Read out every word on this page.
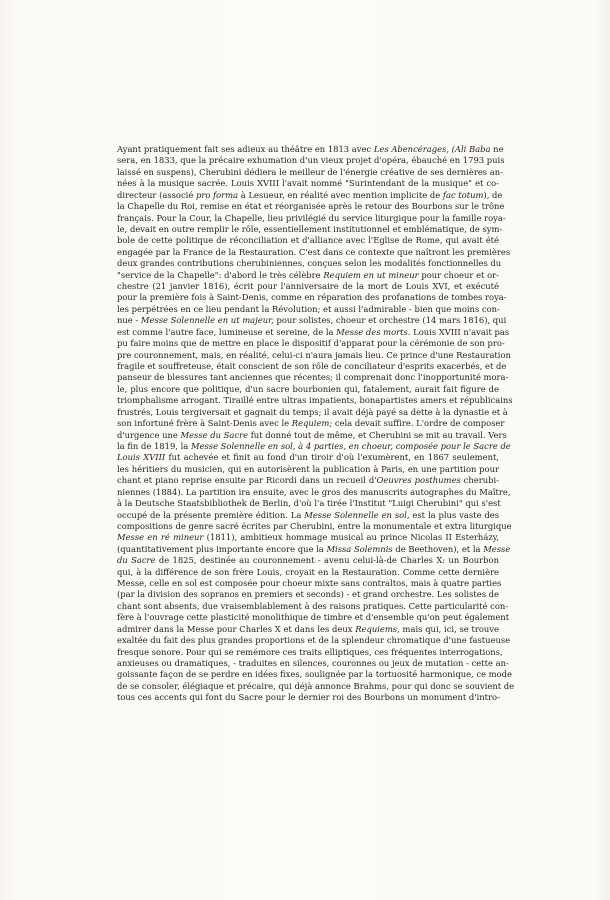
Ayant pratiquement fait ses adieux au théâtre en 1813 avec Les Abencérages, (Ali Baba ne
sera, en 1833, que la précaire exhumation d'un vieux projet d'opéra, ébauché en 1793 puis
laissé en suspens), Cherubini dédiera le meilleur de l'énergie créative de ses dernières an-
nées à la musique sacrée. Louis XVIII l'avait nommé "Surintendant de la musique" et co-
directeur (associé pro forma à Lesueur, en réalité avec mention implicite de fac totum), de
la Chapelle du Roi, remise en état et réorganisée après le retour des Bourbons sur le trône
français. Pour la Cour, la Chapelle, lieu privilégié du service liturgique pour la famille roya-
le, devait en outre remplir le rôle, essentiellement institutionnel et emblématique, de sym-
bole de cette politique de réconciliation et d'alliance avec l'Eglise de Rome, qui avait été
engagée par la France de la Restauration. C'est dans ce contexte que naîtront les premières
deux grandes contributions cherubiniennes, conçues selon les modalités fonctionnelles du
"service de la Chapelle": d'abord le très célèbre Requiem en ut mineur pour choeur et or-
chestre (21 janvier 1816), écrit pour l'anniversaire de la mort de Louis XVI, et exécuté
pour la première fois à Saint-Denis, comme en réparation des profanations de tombes roya-
les perpétrées en ce lieu pendant la Révolution; et aussi l'admirable - bien que moins con-
nue - Messe Solennelle en ut majeur, pour solistes, choeur et orchestre (14 mars 1816), qui
est comme l'autre face, lumineuse et sereine, de la Messe des morts. Louis XVIII n'avait pas
pu faire moins que de mettre en place le dispositif d'apparat pour la cérémonie de son pro-
pre couronnement, mais, en réalité, celui-ci n'aura jamais lieu. Ce prince d'une Restauration
fragile et souffreteuse, était conscient de son rôle de conciliateur d'esprits exacerbés, et de
panseur de blessures tant anciennes que récentes; il comprenait donc l'inopportunité mora-
le, plus encore que politique, d'un sacre bourbonien qui, fatalement, aurait fait figure de
triomphalisme arrogant. Tiraillé entre ultras impatients, bonapartistes amers et républicains
frustrés, Louis tergiversait et gagnait du temps; il avait déjà payé sa dette à la dynastie et à
son infortuné frère à Saint-Denis avec le Requiem; cela devait suffire. L'ordre de composer
d'urgence une Messe du Sacre fut donné tout de même, et Cherubini se mit au travail. Vers
la fin de 1819, la Messe Solennelle en sol, à 4 parties, en choeur, composée pour le Sacre de
Louis XVIII fut achevée et finit au fond d'un tiroir d'où l'exumèrent, en 1867 seulement,
les héritiers du musicien, qui en autorisèrent la publication à Paris, en une partition pour
chant et piano reprise ensuite par Ricordi dans un recueil d'Oeuvres posthumes cherubi-
niennes (1884). La partition ira ensuite, avec le gros des manuscrits autographes du Maître,
à la Deutsche Staatsbibliothek de Berlin, d'où l'a tirée l'Institut "Luigi Cherubini" qui s'est
occupé de la présente première édition. La Messe Solennelle en sol, est la plus vaste des
compositions de genre sacré écrites par Cherubini, entre la monumentale et extra liturgique
Messe en ré mineur (1811), ambitieux hommage musical au prince Nicolas II Esterházy,
(quantitativement plus importante encore que la Missa Solemnis de Beethoven), et la Messe
du Sacre de 1825, destinée au couronnement - avenu celui-là-de Charles X: un Bourbon
qui, à la différence de son frère Louis, croyait en la Restauration. Comme cette dernière
Messe, celle en sol est composée pour choeur mixte sans contraltos, mais à quatre parties
(par la division des sopranos en premiers et seconds) - et grand orchestre. Les solistes de
chant sont absents, due vraisemblablement à des raisons pratiques. Cette particularité con-
fère à l'ouvrage cette plasticité monolithique de timbre et d'ensemble qu'on peut également
admirer dans la Messe pour Charles X et dans les deux Requiems, mais qui, ici, se trouve
exaltée du fait des plus grandes proportions et de la splendeur chromatique d'une fastueuse
fresque sonore. Pour qui se remémore ces traits elliptiques, ces fréquentes interrogations,
anxieuses ou dramatiques, - traduites en silences, couronnes ou jeux de mutation - cette an-
goissante façon de se perdre en idées fixes, soulignée par la tortuosité harmonique, ce mode
de se consoler, élégiaque et précaire, qui déjà annonce Brahms, pour qui donc se souvient de
tous ces accents qui font du Sacre pour le dernier roi des Bourbons un monument d'intro-
